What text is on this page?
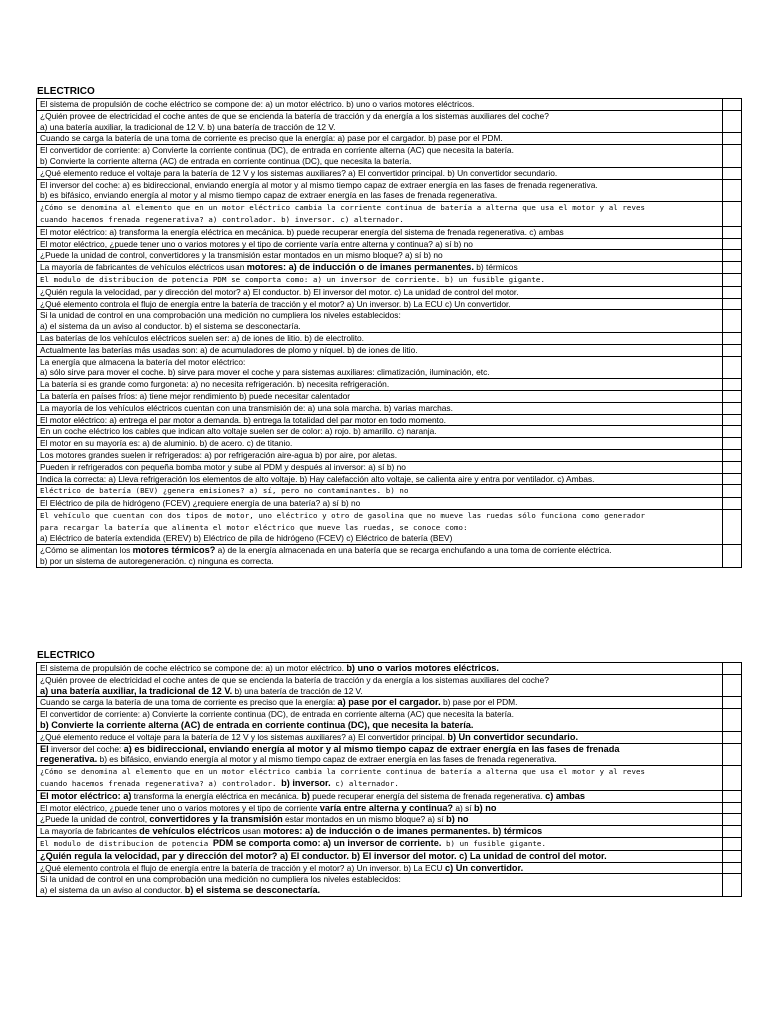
ELECTRICO
El sistema de propulsión de coche eléctrico se compone de: a) un motor eléctrico. b) uno o varios motores eléctricos.	

¿Quién provee de electricidad el coche antes de que se encienda la batería de tracción y da energía a los sistemas auxiliares del coche?
a) una batería auxiliar, la tradicional de 12 V. b) una batería de tracción de 12 V.	

Cuando se carga la batería de una toma de corriente es preciso que la energía: a) pase por el cargador. b) pase por el PDM.	

El convertidor de corriente: a) Convierte la corriente continua (DC), de entrada en corriente alterna (AC) que necesita la batería.
b) Convierte la corriente alterna (AC) de entrada en corriente continua (DC), que necesita la batería.	

¿Qué elemento reduce el voltaje para la batería de 12 V y los sistemas auxiliares? a) El convertidor principal. b) Un convertidor secundario.	

El inversor del coche: a) es bidireccional, enviando energía al motor y al mismo tiempo capaz de extraer energía en las fases de frenada regenerativa.
b) es bifásico, enviando energía al motor y al mismo tiempo capaz de extraer energía en las fases de frenada regenerativa.	

¿Cómo se denomina al elemento que en un motor eléctrico cambia la corriente continua de batería a alterna que usa el motor y al reves
cuando hacemos frenada regenerativa? a) controlador. b) inversor. c) alternador.	

El motor eléctrico: a) transforma la energía eléctrica en mecánica. b) puede recuperar energía del sistema de frenada regenerativa. c) ambas	

El motor eléctrico, ¿puede tener uno o varios motores y el tipo de corriente varía entre alterna y continua? a) sí b) no	

¿Puede la unidad de control, convertidores y la transmisión estar montados en un mismo bloque? a) sí b) no	

La mayoría de fabricantes de vehículos eléctricos usan motores: a) de inducción o de imanes permanentes. b) térmicos	

El modulo de distribucion de potencia PDM se comporta como: a) un inversor de corriente. b) un fusible gigante.	

¿Quién regula la velocidad, par y dirección del motor? a) El conductor. b) El inversor del motor. c) La unidad de control del motor.	

¿Qué elemento controla el flujo de energía entre la batería de tracción y el motor? a) Un inversor. b) La ECU c) Un convertidor.	

Si la unidad de control en una comprobación una medición no cumpliera los niveles establecidos:
a) el sistema da un aviso al conductor. b) el sistema se desconectaría.	

Las baterías de los vehículos eléctricos suelen ser: a) de iones de litio. b) de electrolito.	

Actualmente las baterías más usadas son: a) de acumuladores de plomo y níquel. b) de iones de litio.	

La energía que almacena la batería del motor eléctrico:
a) sólo sirve para mover el coche. b) sirve para mover el coche y para sistemas auxiliares: climatización, iluminación, etc.	

La batería si es grande como furgoneta: a) no necesita refrigeración. b) necesita refrigeración.	

La batería en países fríos: a) tiene mejor rendimiento b) puede necesitar calentador	

La mayoría de los vehículos eléctricos cuentan con una transmisión de: a) una sola marcha. b) varias marchas.	

El motor eléctrico: a) entrega el par motor a demanda. b) entrega la totalidad del par motor en todo momento.	

En un coche eléctrico los cables que indican alto voltaje suelen ser de color: a) rojo. b) amarillo. c) naranja.	

El motor en su mayoría es: a) de aluminio. b) de acero. c) de titanio.	

Los motores grandes suelen ir refrigerados: a) por refrigeración aire-agua b) por aire, por aletas.	

Pueden ir refrigerados con pequeña bomba motor y sube al PDM y después al inversor: a) sí b) no	

Indica la correcta: a) Lleva refrigeración los elementos de alto voltaje. b) Hay calefacción alto voltaje, se calienta aire y entra por ventilador. c) Ambas.	

Eléctrico de batería (BEV) ¿genera emisiones? a) sí, pero no contaminantes. b) no	

El Eléctrico de pila de hidrógeno (FCEV) ¿requiere energía de una batería? a) sí b) no	

El vehículo que cuentan con dos tipos de motor, uno eléctrico y otro de gasolina que no mueve las ruedas sólo funciona como generador
para recargar la batería que alimenta el motor eléctrico que mueve las ruedas, se conoce como:
a) Eléctrico de batería extendida (EREV) b) Eléctrico de pila de hidrógeno (FCEV) c) Eléctrico de batería (BEV)	

¿Cómo se alimentan los motores térmicos? a) de la energía almacenada en una batería que se recarga enchufando a una toma de corriente eléctrica.
b) por un sistema de autoregeneración. c) ninguna es correcta.	

ELECTRICO
El sistema de propulsión de coche eléctrico se compone de: a) un motor eléctrico. b) uno o varios motores eléctricos.	

¿Quién provee de electricidad el coche antes de que se encienda la batería de tracción y da energía a los sistemas auxiliares del coche?
a) una batería auxiliar, la tradicional de 12 V. b) una batería de tracción de 12 V.	

Cuando se carga la batería de una toma de corriente es preciso que la energía: a) pase por el cargador. b) pase por el PDM.	

El convertidor de corriente: a) Convierte la corriente continua (DC), de entrada en corriente alterna (AC) que necesita la batería.
b) Convierte la corriente alterna (AC) de entrada en corriente continua (DC), que necesita la batería.	

¿Qué elemento reduce el voltaje para la batería de 12 V y los sistemas auxiliares? a) El convertidor principal. b) Un convertidor secundario.	

El inversor del coche: a) es bidireccional, enviando energía al motor y al mismo tiempo capaz de extraer energía en las fases de frenada
regenerativa. b) es bifásico, enviando energía al motor y al mismo tiempo capaz de extraer energía en las fases de frenada regenerativa.	

¿Cómo se denomina al elemento que en un motor eléctrico cambia la corriente continua de batería a alterna que usa el motor y al reves
cuando hacemos frenada regenerativa? a) controlador. b) inversor. c) alternador.	

El motor eléctrico: a) transforma la energía eléctrica en mecánica. b) puede recuperar energía del sistema de frenada regenerativa. c) ambas	

El motor eléctrico, ¿puede tener uno o varios motores y el tipo de corriente varía entre alterna y continua? a) sí b) no	

¿Puede la unidad de control, convertidores y la transmisión estar montados en un mismo bloque? a) sí b) no	

La mayoría de fabricantes de vehículos eléctricos usan motores: a) de inducción o de imanes permanentes. b) térmicos	

El modulo de distribucion de potencia PDM se comporta como: a) un inversor de corriente. b) un fusible gigante.	

¿Quién regula la velocidad, par y dirección del motor? a) El conductor. b) El inversor del motor. c) La unidad de control del motor.	

¿Qué elemento controla el flujo de energía entre la batería de tracción y el motor? a) Un inversor. b) La ECU c) Un convertidor.	

Si la unidad de control en una comprobación una medición no cumpliera los niveles establecidos:
a) el sistema da un aviso al conductor. b) el sistema se desconectaría.	
